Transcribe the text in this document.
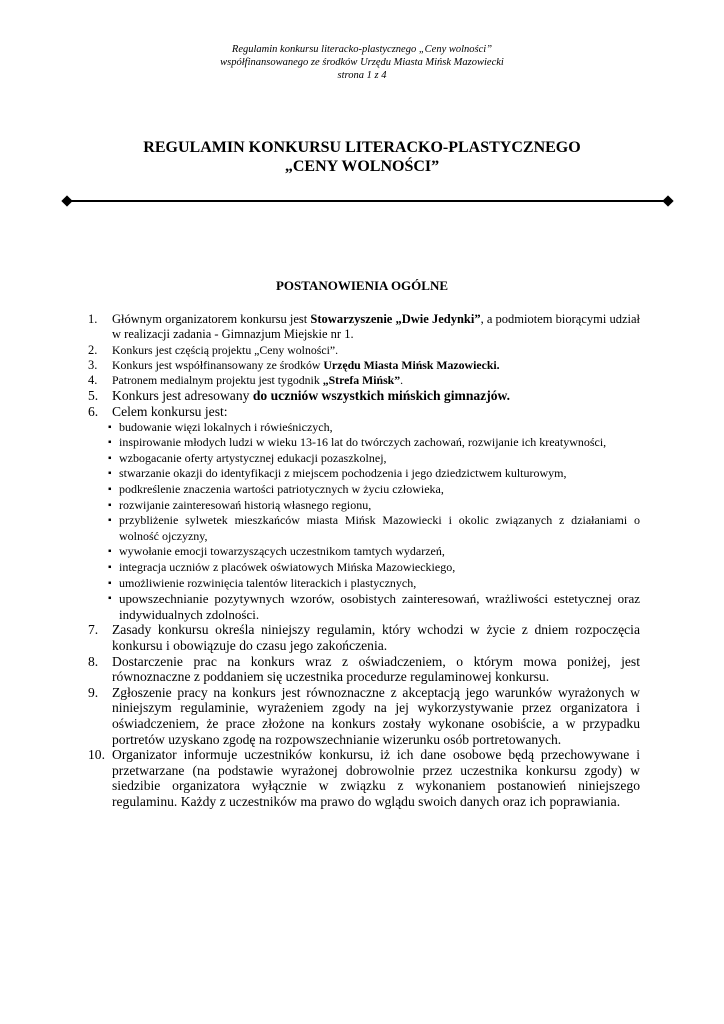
Regulamin konkursu literacko-plastycznego „Ceny wolności”
współfinansowanego ze środków Urzędu Miasta Mińsk Mazowiecki
strona 1 z 4
REGULAMIN KONKURSU LITERACKO-PLASTYCZNEGO
„CENY WOLNOŚCI”
POSTANOWIENIA OGÓLNE
1.	Głównym organizatorem konkursu jest Stowarzyszenie „Dwie Jedynki”, a podmiotem biorącymi udział w realizacji zadania - Gimnazjum Miejskie nr 1.
2.	Konkurs jest częścią projektu „Ceny wolności”.
3.	Konkurs jest współfinansowany ze środków Urzędu Miasta Mińsk Mazowiecki.
4.	Patronem medialnym projektu jest tygodnik „Strefa Mińsk”.
5.	Konkurs jest adresowany do uczniów wszystkich mińskich gimnazjów.
6.	Celem konkursu jest:
▪ budowanie więzi lokalnych i rówieśniczych,
▪ inspirowanie młodych ludzi w wieku 13-16 lat do twórczych zachowań, rozwijanie ich kreatywności,
▪ wzbogacanie oferty artystycznej edukacji pozaszkolnej,
▪ stwarzanie okazji do identyfikacji z miejscem pochodzenia i jego dziedzictwem kulturowym,
▪ podkreślenie znaczenia wartości patriotycznych w życiu człowieka,
▪ rozwijanie zainteresowań historią własnego regionu,
▪ przybliżenie sylwetek mieszkańców miasta Mińsk Mazowiecki i okolic związanych z działaniami o wolność ojczyzny,
▪ wywołanie emocji towarzyszących uczestnikom tamtych wydarzeń,
▪ integracja uczniów z placówek oświatowych Mińska Mazowieckiego,
▪ umożliwienie rozwinięcia talentów literackich i plastycznych,
▪ upowszechnianie pozytywnych wzorów, osobistych zainteresowań, wrażliwości estetycznej oraz indywidualnych zdolności.
7.	Zasady konkursu określa niniejszy regulamin, który wchodzi w życie z dniem rozpoczęcia konkursu i obowiązuje do czasu jego zakończenia.
8.	Dostarczenie prac na konkurs wraz z oświadczeniem, o którym mowa poniżej, jest równoznaczne z poddaniem się uczestnika procedurze regulaminowej konkursu.
9.	Zgłoszenie pracy na konkurs jest równoznaczne z akceptacją jego warunków wyrażonych w niniejszym regulaminie, wyrażeniem zgody na jej wykorzystywanie przez organizatora i oświadczeniem, że prace złożone na konkurs zostały wykonane osobiście, a w przypadku portretów uzyskano zgodę na rozpowszechnianie wizerunku osób portretowanych.
10. Organizator informuje uczestników konkursu, iż ich dane osobowe będą przechowywane i przetwarzane (na podstawie wyrażonej dobrowolnie przez uczestnika konkursu zgody) w siedzibie organizatora wyłącznie w związku z wykonaniem postanowień niniejszego regulaminu. Każdy z uczestników ma prawo do wglądu swoich danych oraz ich poprawiania.
